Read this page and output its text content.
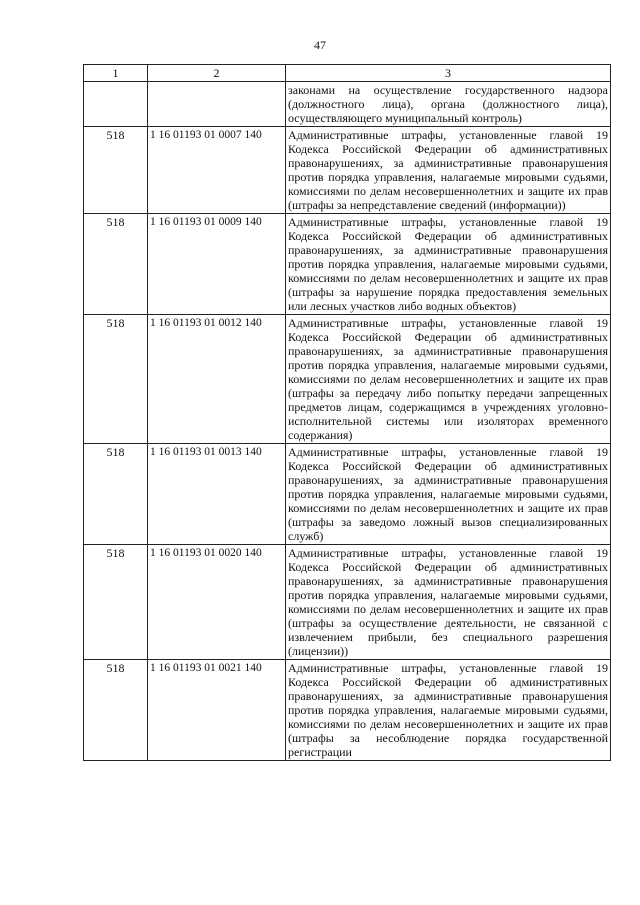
47
1	2	3
		законами на осуществление государственного надзора (должностного лица), органа (должностного лица), осуществляющего муниципальный контроль)
518	1 16 01193 01 0007 140	Административные штрафы, установленные главой 19 Кодекса Российской Федерации об административных правонарушениях, за административные правонарушения против порядка управления, налагаемые мировыми судьями, комиссиями по делам несовершеннолетних и защите их прав (штрафы за непредставление сведений (информации))
518	1 16 01193 01 0009 140	Административные штрафы, установленные главой 19 Кодекса Российской Федерации об административных правонарушениях, за административные правонарушения против порядка управления, налагаемые мировыми судьями, комиссиями по делам несовершеннолетних и защите их прав (штрафы за нарушение порядка предоставления земельных или лесных участков либо водных объектов)
518	1 16 01193 01 0012 140	Административные штрафы, установленные главой 19 Кодекса Российской Федерации об административных правонарушениях, за административные правонарушения против порядка управления, налагаемые мировыми судьями, комиссиями по делам несовершеннолетних и защите их прав (штрафы за передачу либо попытку передачи запрещенных предметов лицам, содержащимся в учреждениях уголовно-исполнительной системы или изоляторах временного содержания)
518	1 16 01193 01 0013 140	Административные штрафы, установленные главой 19 Кодекса Российской Федерации об административных правонарушениях, за административные правонарушения против порядка управления, налагаемые мировыми судьями, комиссиями по делам несовершеннолетних и защите их прав (штрафы за заведомо ложный вызов специализированных служб)
518	1 16 01193 01 0020 140	Административные штрафы, установленные главой 19 Кодекса Российской Федерации об административных правонарушениях, за административные правонарушения против порядка управления, налагаемые мировыми судьями, комиссиями по делам несовершеннолетних и защите их прав (штрафы за осуществление деятельности, не связанной с извлечением прибыли, без специального разрешения (лицензии))
518	1 16 01193 01 0021 140	Административные штрафы, установленные главой 19 Кодекса Российской Федерации об административных правонарушениях, за административные правонарушения против порядка управления, налагаемые мировыми судьями, комиссиями по делам несовершеннолетних и защите их прав (штрафы за несоблюдение порядка государственной регистрации
